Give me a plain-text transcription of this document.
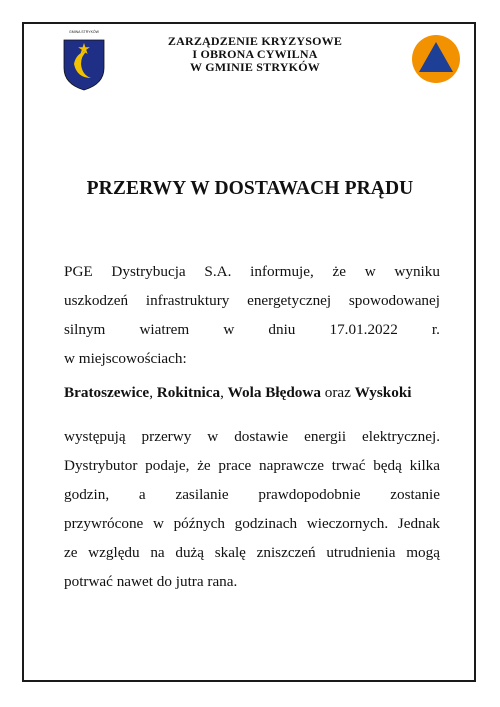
GMINA STRYKÓW
ZARZĄDZENIE KRYZYSOWE
I OBRONA CYWILNA
W GMINIE STRYKÓW
PRZERWY W DOSTAWACH PRĄDU
PGE Dystrybucja S.A. informuje, że w wyniku
uszkodzeń infrastruktury energetycznej spowodowanej
silnym wiatrem w dniu 17.01.2022 r.
w miejscowościach:
Bratoszewice, Rokitnica, Wola Błędowa oraz Wyskoki
występują przerwy w dostawie energii elektrycznej.
Dystrybutor podaje, że prace naprawcze trwać będą kilka
godzin, a zasilanie prawdopodobnie zostanie
przywrócone w późnych godzinach wieczornych. Jednak
ze względu na dużą skalę zniszczeń utrudnienia mogą
potrwać nawet do jutra rana.
